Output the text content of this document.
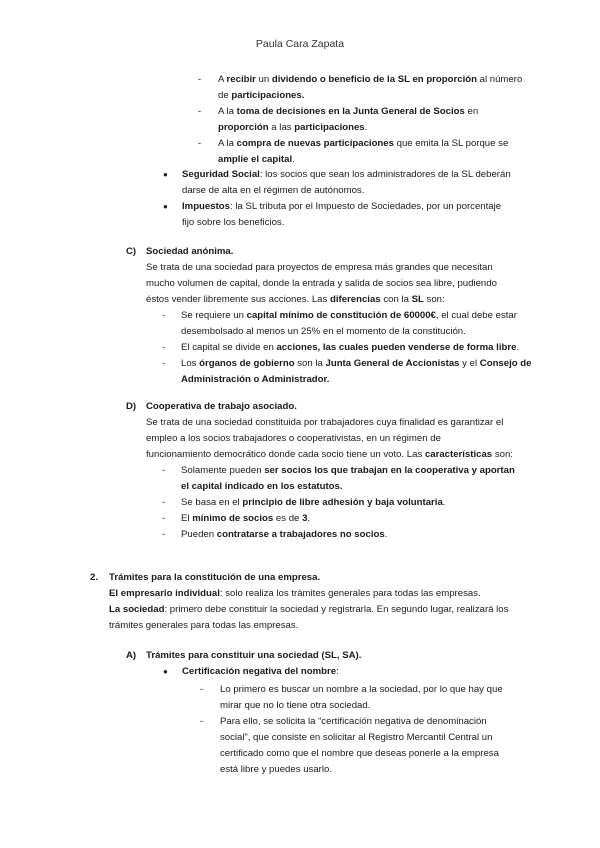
Paula Cara Zapata
- A recibir un dividendo o beneficio de la SL en proporción al número
de participaciones.
- A la toma de decisiones en la Junta General de Socios en
proporción a las participaciones.
- A la compra de nuevas participaciones que emita la SL porque se
amplíe el capital.
● Seguridad Social: los socios que sean los administradores de la SL deberán
darse de alta en el régimen de autónomos.
● Impuestos: la SL tributa por el Impuesto de Sociedades, por un porcentaje
fijo sobre los beneficios.
C) Sociedad anónima.
Se trata de una sociedad para proyectos de empresa más grandes que necesitan
mucho volumen de capital, donde la entrada y salida de socios sea libre, pudiendo
éstos vender libremente sus acciones. Las diferencias con la SL son:
- Se requiere un capital mínimo de constitución de 60000€, el cual debe estar
desembolsado al menos un 25% en el momento de la constitución.
- El capital se divide en acciones, las cuales pueden venderse de forma libre.
- Los órganos de gobierno son la Junta General de Accionistas y el Consejo de
Administración o Administrador.
D) Cooperativa de trabajo asociado.
Se trata de una sociedad constituida por trabajadores cuya finalidad es garantizar el
empleo a los socios trabajadores o cooperativistas, en un régimen de
funcionamiento democrático donde cada socio tiene un voto. Las características son:
- Solamente pueden ser socios los que trabajan en la cooperativa y aportan
el capital indicado en los estatutos.
- Se basa en el principio de libre adhesión y baja voluntaria.
- El mínimo de socios es de 3.
- Pueden contratarse a trabajadores no socios.
2. Trámites para la constitución de una empresa.
El empresario individual: solo realiza los trámites generales para todas las empresas.
La sociedad: primero debe constituir la sociedad y registrarla. En segundo lugar, realizará los
trámites generales para todas las empresas.
A) Trámites para constituir una sociedad (SL, SA).
● Certificación negativa del nombre:
- Lo primero es buscar un nombre a la sociedad, por lo que hay que
mirar que no lo tiene otra sociedad.
- Para ello, se solicita la “certificación negativa de denominación
social”, que consiste en solicitar al Registro Mercantil Central un
certificado como que el nombre que deseas ponerle a la empresa
está libre y puedes usarlo.
